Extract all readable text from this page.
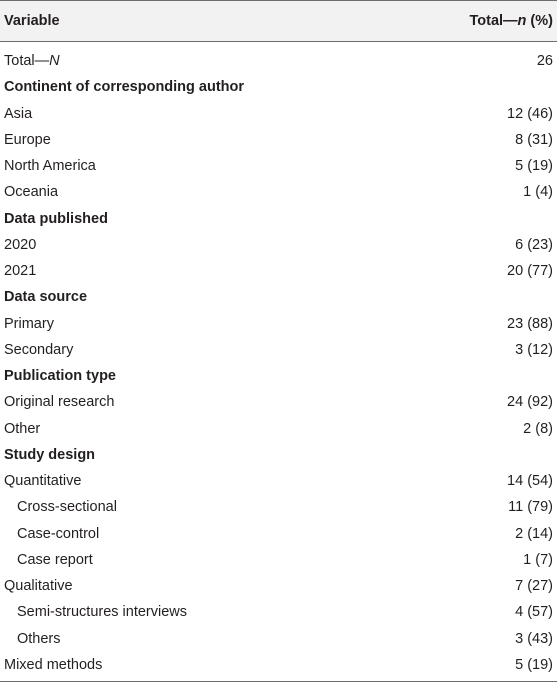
Variable	Total—n (%)
Total—N	26
Continent of corresponding author
Asia	12 (46)
Europe	8 (31)
North America	5 (19)
Oceania	1 (4)
Data published
2020	6 (23)
2021	20 (77)
Data source
Primary	23 (88)
Secondary	3 (12)
Publication type
Original research	24 (92)
Other	2 (8)
Study design
Quantitative	14 (54)
Cross-sectional	11 (79)
Case-control	2 (14)
Case report	1 (7)
Qualitative	7 (27)
Semi-structures interviews	4 (57)
Others	3 (43)
Mixed methods	5 (19)
